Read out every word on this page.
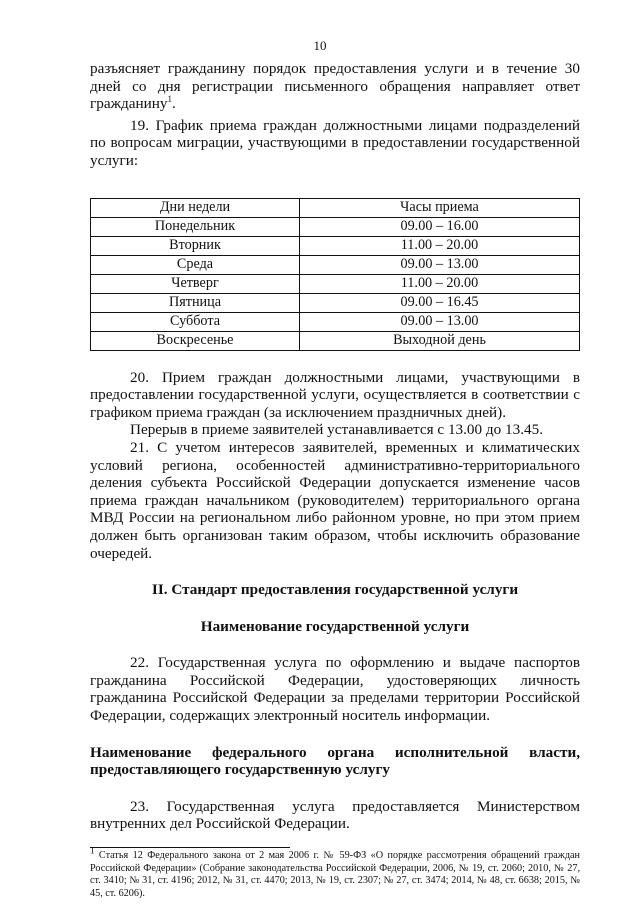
10

разъясняет гражданину порядок предоставления услуги и в течение 30 дней со дня регистрации письменного обращения направляет ответ гражданину$^1$.

19. График приема граждан должностными лицами подразделений по вопросам миграции, участвующими в предоставлении государственной услуги:

Дни недели	Часы приема
Понедельник	09.00 – 16.00
Вторник	11.00 – 20.00
Среда	09.00 – 13.00
Четверг	11.00 – 20.00
Пятница	09.00 – 16.45
Суббота	09.00 – 13.00
Воскресенье	Выходной день

20. Прием граждан должностными лицами, участвующими в предоставлении государственной услуги, осуществляется в соответствии с графиком приема граждан (за исключением праздничных дней).

Перерыв в приеме заявителей устанавливается с 13.00 до 13.45.

21. С учетом интересов заявителей, временных и климатических условий региона, особенностей административно-территориального деления субъекта Российской Федерации допускается изменение часов приема граждан начальником (руководителем) территориального органа МВД России на региональном либо районном уровне, но при этом прием должен быть организован таким образом, чтобы исключить образование очередей.

II. Стандарт предоставления государственной услуги

Наименование государственной услуги

22. Государственная услуга по оформлению и выдаче паспортов гражданина Российской Федерации, удостоверяющих личность гражданина Российской Федерации за пределами территории Российской Федерации, содержащих электронный носитель информации.

Наименование федерального органа исполнительной власти, предоставляющего государственную услугу

23. Государственная услуга предоставляется Министерством внутренних дел Российской Федерации.

$^1$ Статья 12 Федерального закона от 2 мая 2006 г. № 59-ФЗ «О порядке рассмотрения обращений граждан Российской Федерации» (Собрание законодательства Российской Федерации, 2006, № 19, ст. 2060; 2010, № 27, ст. 3410; № 31, ст. 4196; 2012, № 31, ст. 4470; 2013, № 19, ст. 2307; № 27, ст. 3474; 2014, № 48, ст. 6638; 2015, № 45, ст. 6206).
